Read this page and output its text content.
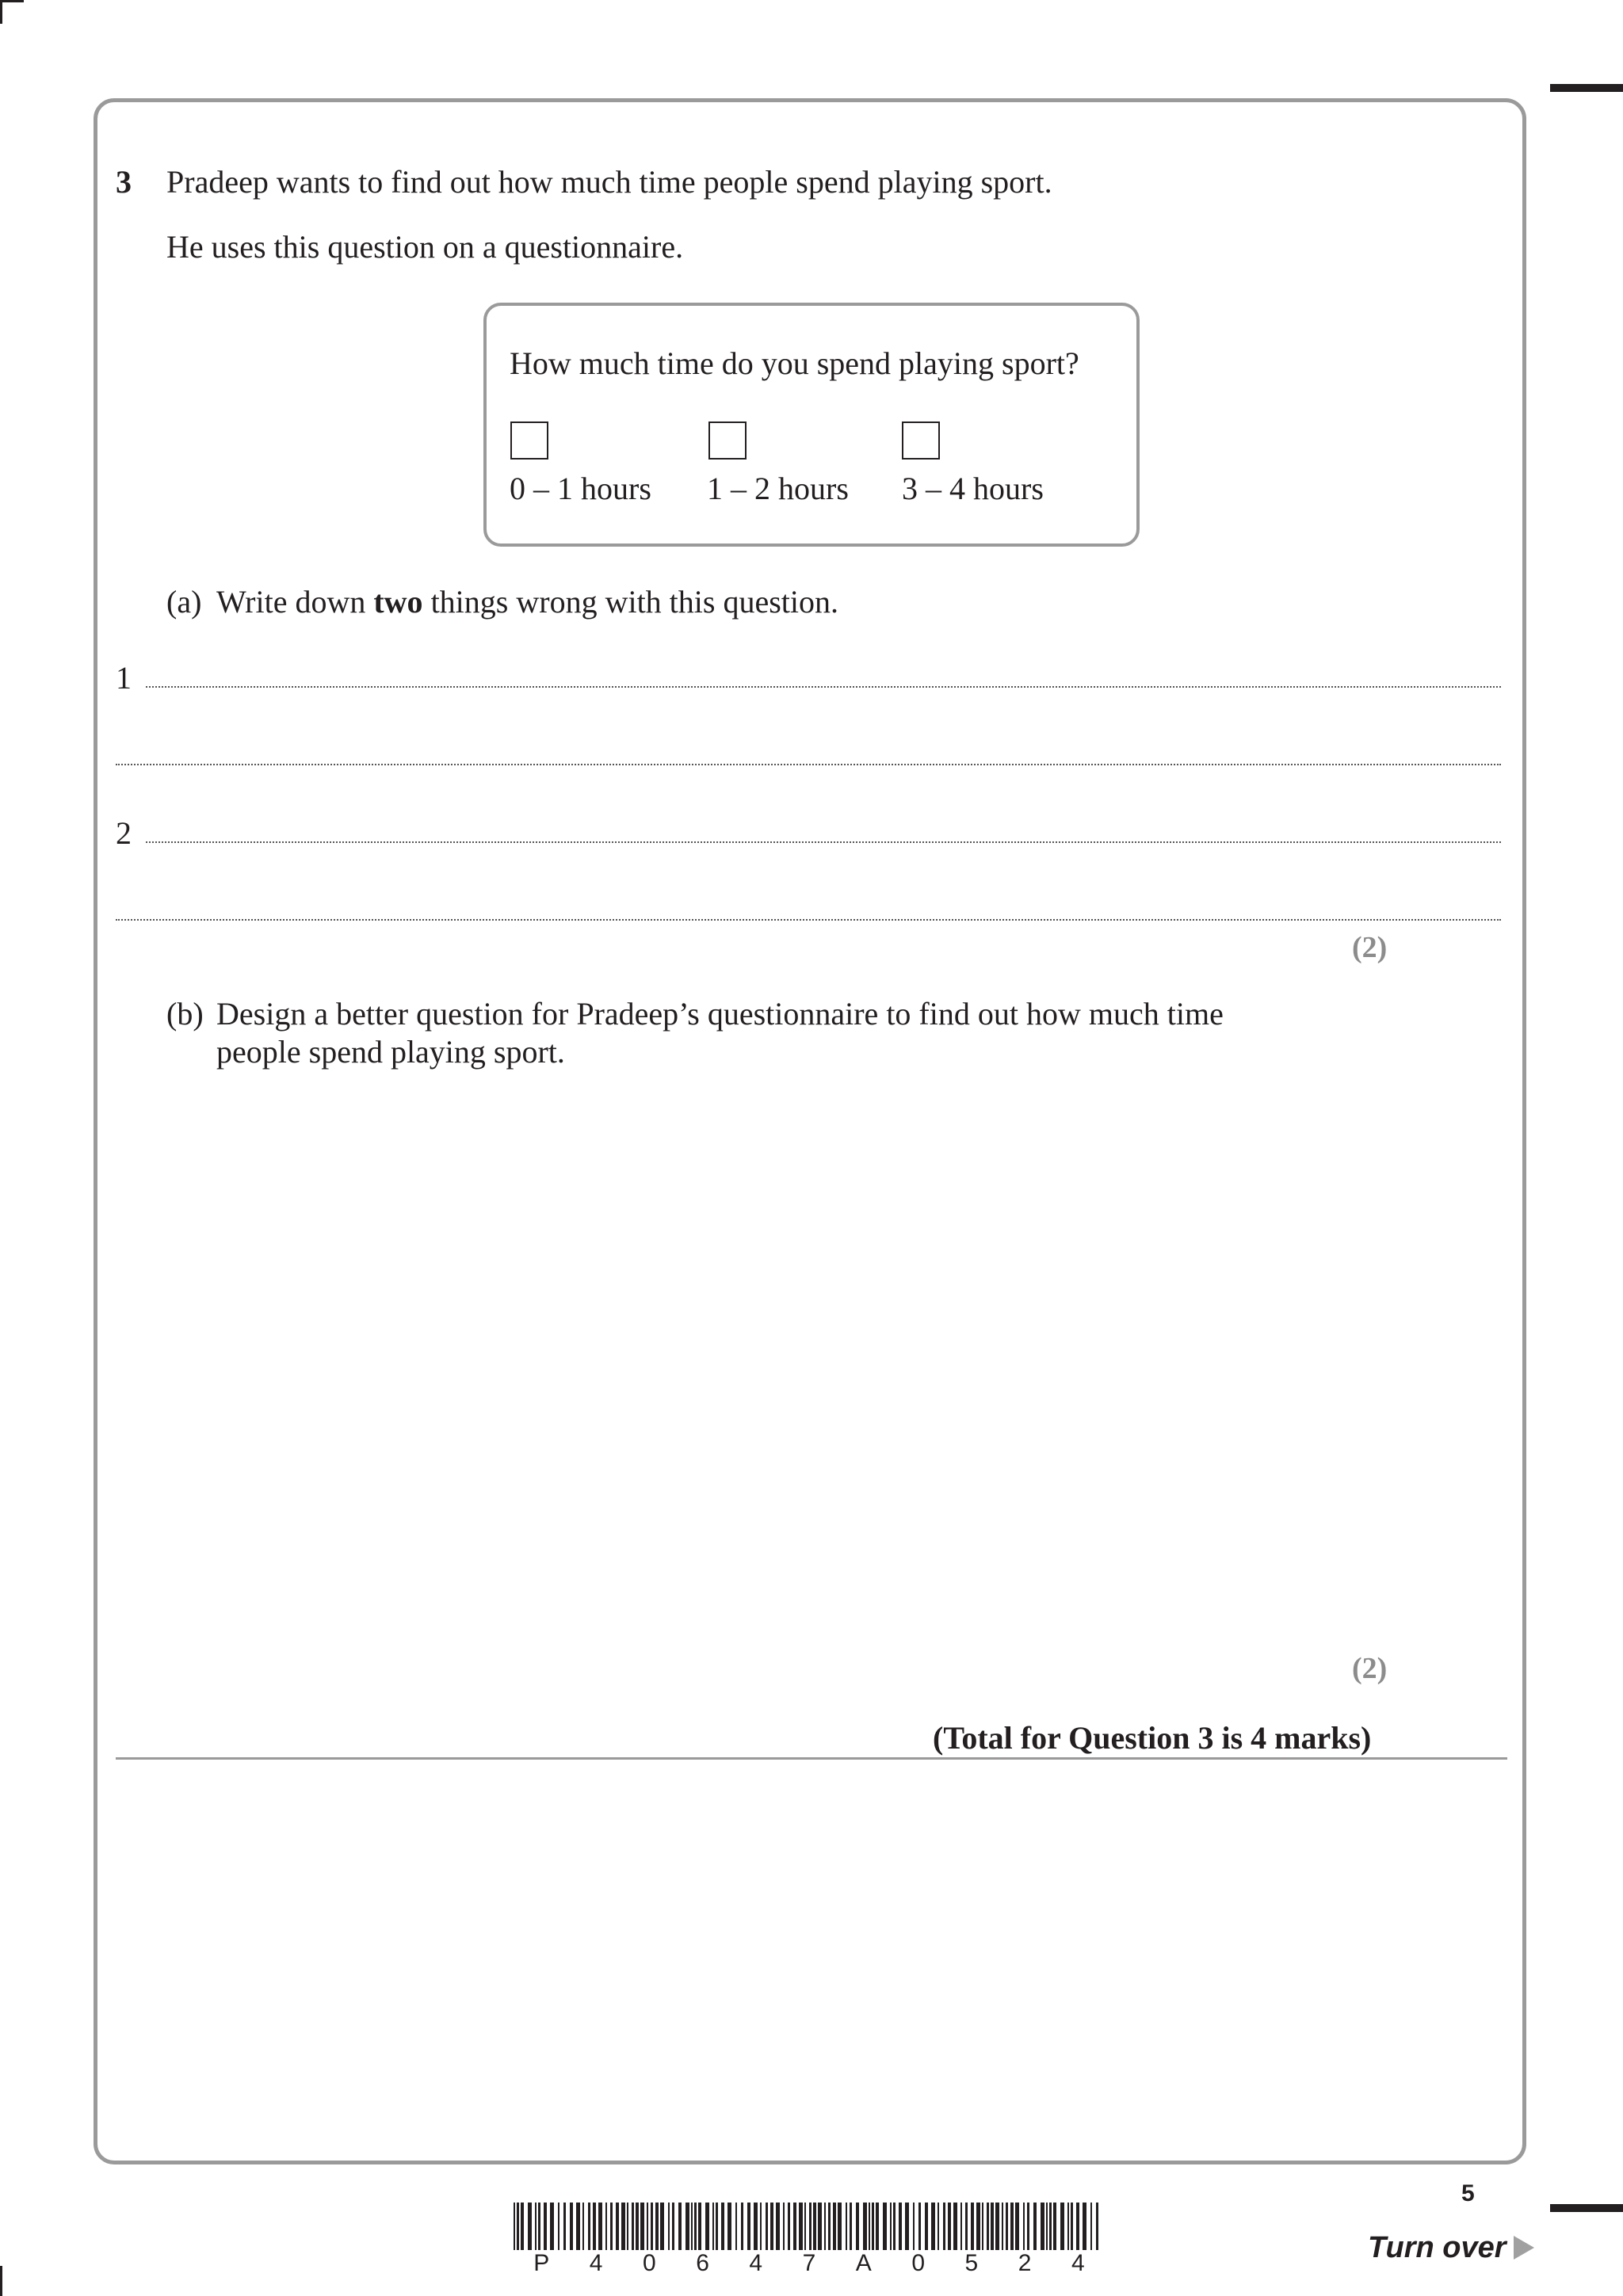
3 Pradeep wants to find out how much time people spend playing sport.
He uses this question on a questionnaire.
How much time do you spend playing sport?
0 – 1 hours 1 – 2 hours 3 – 4 hours
(a) Write down two things wrong with this question.
1
2
(2)
(b) Design a better question for Pradeep’s questionnaire to find out how much time
people spend playing sport.
(2)
(Total for Question 3 is 4 marks)
P 4 0 6 4 7 A 0 5 2 4
5
Turn over
